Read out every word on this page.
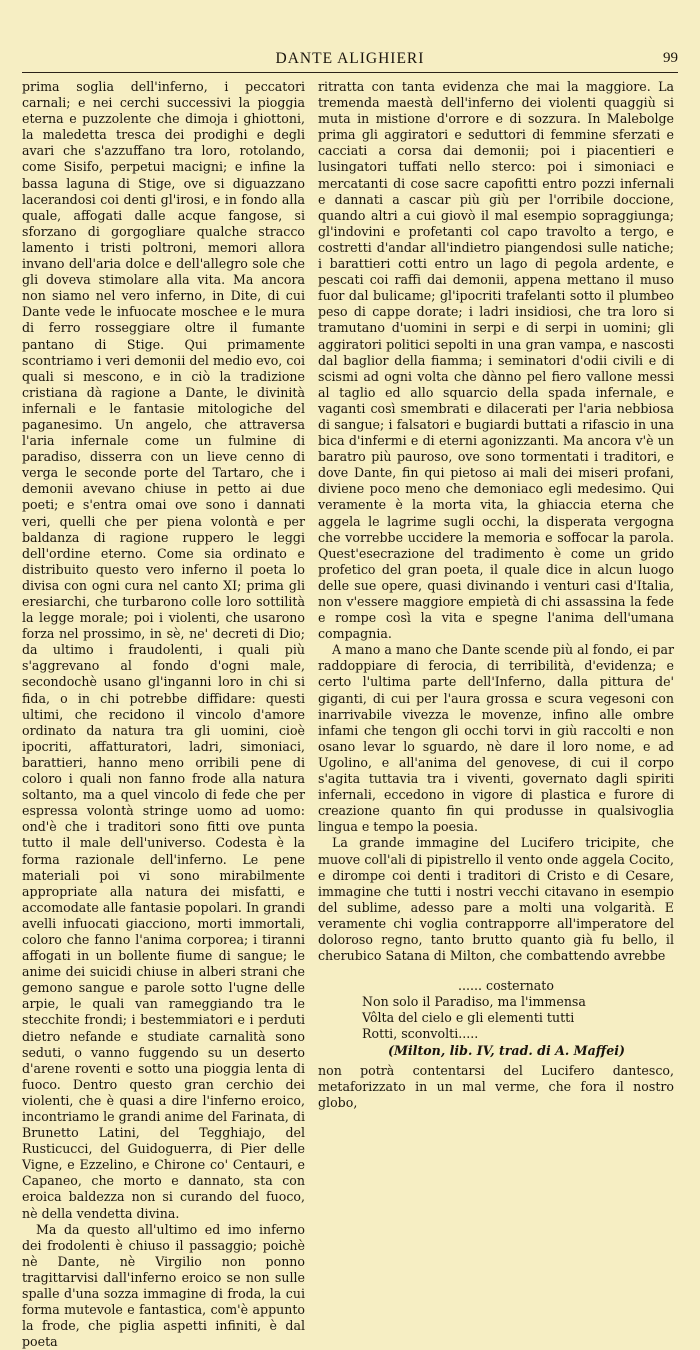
DANTE ALIGHIERI	99

prima soglia dell'inferno, i peccatori carnali; e nei cerchi successivi la pioggia eterna e puzzolente che dimoja i ghiottoni, la maledetta tresca dei prodighi e degli avari che s'azzuffano tra loro, rotolando, come Sisifo, perpetui macigni; e infine la bassa laguna di Stige, ove si diguazzano lacerandosi coi denti gl'irosi, e in fondo alla quale, affogati dalle acque fangose, si sforzano di gorgogliare qualche stracco lamento i tristi poltroni, memori allora invano dell'aria dolce e dell'allegro sole che gli doveva stimolare alla vita. Ma ancora non siamo nel vero inferno, in Dite, di cui Dante vede le infuocate moschee e le mura di ferro rosseggiare oltre il fumante pantano di Stige. Qui primamente scontriamo i veri demonii del medio evo, coi quali si mescono, e in ciò la tradizione cristiana dà ragione a Dante, le divinità infernali e le fantasie mitologiche del paganesimo. Un angelo, che attraversa l'aria infernale come un fulmine di paradiso, disserra con un lieve cenno di verga le seconde porte del Tartaro, che i demonii avevano chiuse in petto ai due poeti; e s'entra omai ove sono i dannati veri, quelli che per piena volontà e per baldanza di ragione ruppero le leggi dell'ordine eterno. Come sia ordinato e distribuito questo vero inferno il poeta lo divisa con ogni cura nel canto XI; prima gli eresiarchi, che turbarono colle loro sottilità la legge morale; poi i violenti, che usarono forza nel prossimo, in sè, ne' decreti di Dio; da ultimo i fraudolenti, i quali più s'aggrevano al fondo d'ogni male, secondochè usano gl'inganni loro in chi si fida, o in chi potrebbe diffidare: questi ultimi, che recidono il vincolo d'amore ordinato da natura tra gli uomini, cioè ipocriti, affatturatori, ladri, simoniaci, barattieri, hanno meno orribili pene di coloro i quali non fanno frode alla natura soltanto, ma a quel vincolo di fede che per espressa volontà stringe uomo ad uomo: ond'è che i traditori sono fitti ove punta tutto il male dell'universo. Codesta è la forma razionale dell'inferno. Le pene materiali poi vi sono mirabilmente appropriate alla natura dei misfatti, e accomodate alle fantasie popolari. In grandi avelli infuocati giacciono, morti immortali, coloro che fanno l'anima corporea; i tiranni affogati in un bollente fiume di sangue; le anime dei suicidi chiuse in alberi strani che gemono sangue e parole sotto l'ugne delle arpie, le quali van rameggiando tra le stecchite frondi; i bestemmiatori e i perduti dietro nefande e studiate carnalità sono seduti, o vanno fuggendo su un deserto d'arene roventi e sotto una pioggia lenta di fuoco. Dentro questo gran cerchio dei violenti, che è quasi a dire l'inferno eroico, incontriamo le grandi anime del Farinata, di Brunetto Latini, del Tegghiajo, del Rusticucci, del Guidoguerra, di Pier delle Vigne, e Ezzelino, e Chirone co' Centauri, e Capaneo, che morto e dannato, sta con eroica baldezza non si curando del fuoco, nè della vendetta divina.

Ma da questo all'ultimo ed imo inferno dei frodolenti è chiuso il passaggio; poichè nè Dante, nè Virgilio non ponno tragittarvisi dall'inferno eroico se non sulle spalle d'una sozza immagine di froda, la cui forma mutevole e fantastica, com'è appunto la frode, che piglia aspetti infiniti, è dal poeta

ritratta con tanta evidenza che mai la maggiore. La tremenda maestà dell'inferno dei violenti quaggiù si muta in mistione d'orrore e di sozzura. In Malebolge prima gli aggiratori e seduttori di femmine sferzati e cacciati a corsa dai demonii; poi i piacentieri e lusingatori tuffati nello sterco: poi i simoniaci e mercatanti di cose sacre capofitti entro pozzi infernali e dannati a cascar più giù per l'orribile doccione, quando altri a cui giovò il mal esempio sopraggiunga; gl'indovini e profetanti col capo travolto a tergo, e costretti d'andar all'indietro piangendosi sulle natiche; i barattieri cotti entro un lago di pegola ardente, e pescati coi raffi dai demonii, appena mettano il muso fuor dal bulicame; gl'ipocriti trafelanti sotto il plumbeo peso di cappe dorate; i ladri insidiosi, che tra loro si tramutano d'uomini in serpi e di serpi in uomini; gli aggiratori politici sepolti in una gran vampa, e nascosti dal baglior della fiamma; i seminatori d'odii civili e di scismi ad ogni volta che dànno pel fiero vallone messi al taglio ed allo squarcio della spada infernale, e vaganti così smembrati e dilacerati per l'aria nebbiosa di sangue; i falsatori e bugiardi buttati a rifascio in una bica d'infermi e di eterni agonizzanti. Ma ancora v'è un baratro più pauroso, ove sono tormentati i traditori, e dove Dante, fin qui pietoso ai mali dei miseri profani, diviene poco meno che demoniaco egli medesimo. Qui veramente è la morta vita, la ghiaccia eterna che aggela le lagrime sugli occhi, la disperata vergogna che vorrebbe uccidere la memoria e soffocar la parola. Quest'esecrazione del tradimento è come un grido profetico del gran poeta, il quale dice in alcun luogo delle sue opere, quasi divinando i venturi casi d'Italia, non v'essere maggiore empietà di chi assassina la fede e rompe così la vita e spegne l'anima dell'umana compagnia.

A mano a mano che Dante scende più al fondo, ei par raddoppiare di ferocia, di terribilità, d'evidenza; e certo l'ultima parte dell'Inferno, dalla pittura de' giganti, di cui per l'aura grossa e scura vegesoni con inarrivabile vivezza le movenze, infino alle ombre infami che tengon gli occhi torvi in giù raccolti e non osano levar lo sguardo, nè dare il loro nome, e ad Ugolino, e all'anima del genovese, di cui il corpo s'agita tuttavia tra i viventi, governato dagli spiriti infernali, eccedono in vigore di plastica e furore di creazione quanto fin qui produsse in qualsivoglia lingua e tempo la poesia.

La grande immagine del Lucifero tricipite, che muove coll'ali di pipistrello il vento onde aggela Cocito, e dirompe coi denti i traditori di Cristo e di Cesare, immagine che tutti i nostri vecchi citavano in esempio del sublime, adesso pare a molti una volgarità. E veramente chi voglia contrapporre all'imperatore del doloroso regno, tanto brutto quanto già fu bello, il cherubico Satana di Milton, che combattendo avrebbe

...... costernato
Non solo il Paradiso, ma l'immensa
Vôlta del cielo e gli elementi tutti
Rotti, sconvolti.....
(Milton, lib. IV, trad. di A. Maffei)

non potrà contentarsi del Lucifero dantesco, metaforizzato in un mal verme, che fora il nostro globo,
